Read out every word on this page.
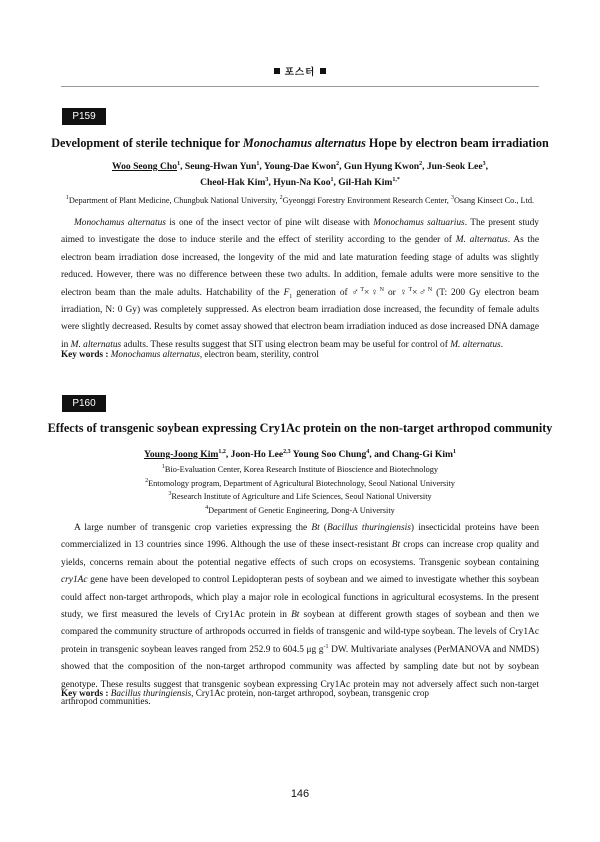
포스터
P159
Development of sterile technique for Monochamus alternatus Hope by electron beam irradiation
Woo Seong Cho$^1$, Seung-Hwan Yun$^1$, Young-Dae Kwon$^2$, Gun Hyung Kwon$^2$, Jun-Seok Lee$^3$,
Cheol-Hak Kim$^3$, Hyun-Na Koo$^1$, Gil-Hah Kim$^{1,*}$
$^1$Department of Plant Medicine, Chungbuk National University, $^2$Gyeonggi Forestry Environment Research Center, $^3$Osang Kinsect Co., Ltd.

Monochamus alternatus is one of the insect vector of pine wilt disease with Monochamus saltuarius. The present study aimed to investigate the dose to induce sterile and the effect of sterility according to the gender of M. alternatus. As the electron beam irradiation dose increased, the longevity of the mid and late maturation feeding stage of adults was slightly reduced. However, there was no difference between these two adults. In addition, female adults were more sensitive to the electron beam than the male adults. Hatchability of the $F_1$ generation of ♂$^T$×♀$^N$ or ♀$^T$×♂$^N$ (T: 200 Gy electron beam irradiation, N: 0 Gy) was completely suppressed. As electron beam irradiation dose increased, the fecundity of female adults were slightly decreased. Results by comet assay showed that electron beam irradiation induced as dose increased DNA damage in M. alternatus adults. These results suggest that SIT using electron beam may be useful for control of M. alternatus.

Key words : Monochamus alternatus, electron beam, sterility, control
P160
Effects of transgenic soybean expressing Cry1Ac protein on the non-target arthropod community
Young-Joong Kim$^{1,2}$, Joon-Ho Lee$^{2,3}$ Young Soo Chung$^4$, and Chang-Gi Kim$^1$
$^1$Bio-Evaluation Center, Korea Research Institute of Bioscience and Biotechnology
$^2$Entomology program, Department of Agricultural Biotechnology, Seoul National University
$^3$Research Institute of Agriculture and Life Sciences, Seoul National University
$^4$Department of Genetic Engineering, Dong-A University

A large number of transgenic crop varieties expressing the Bt (Bacillus thuringiensis) insecticidal proteins have been commercialized in 13 countries since 1996. Although the use of these insect-resistant Bt crops can increase crop quality and yields, concerns remain about the potential negative effects of such crops on ecosystems. Transgenic soybean containing cry1Ac gene have been developed to control Lepidopteran pests of soybean and we aimed to investigate whether this soybean could affect non-target arthropods, which play a major role in ecological functions in agricultural ecosystems. In the present study, we first measured the levels of Cry1Ac protein in Bt soybean at different growth stages of soybean and then we compared the community structure of arthropods occurred in fields of transgenic and wild-type soybean. The levels of Cry1Ac protein in transgenic soybean leaves ranged from 252.9 to 604.5 μg $g^{-1}$ DW. Multivariate analyses (PerMANOVA and NMDS) showed that the composition of the non-target arthropod community was affected by sampling date but not by soybean genotype. These results suggest that transgenic soybean expressing Cry1Ac protein may not adversely affect such non-target arthropod communities.

Key words : Bacillus thuringiensis, Cry1Ac protein, non-target arthropod, soybean, transgenic crop
146
